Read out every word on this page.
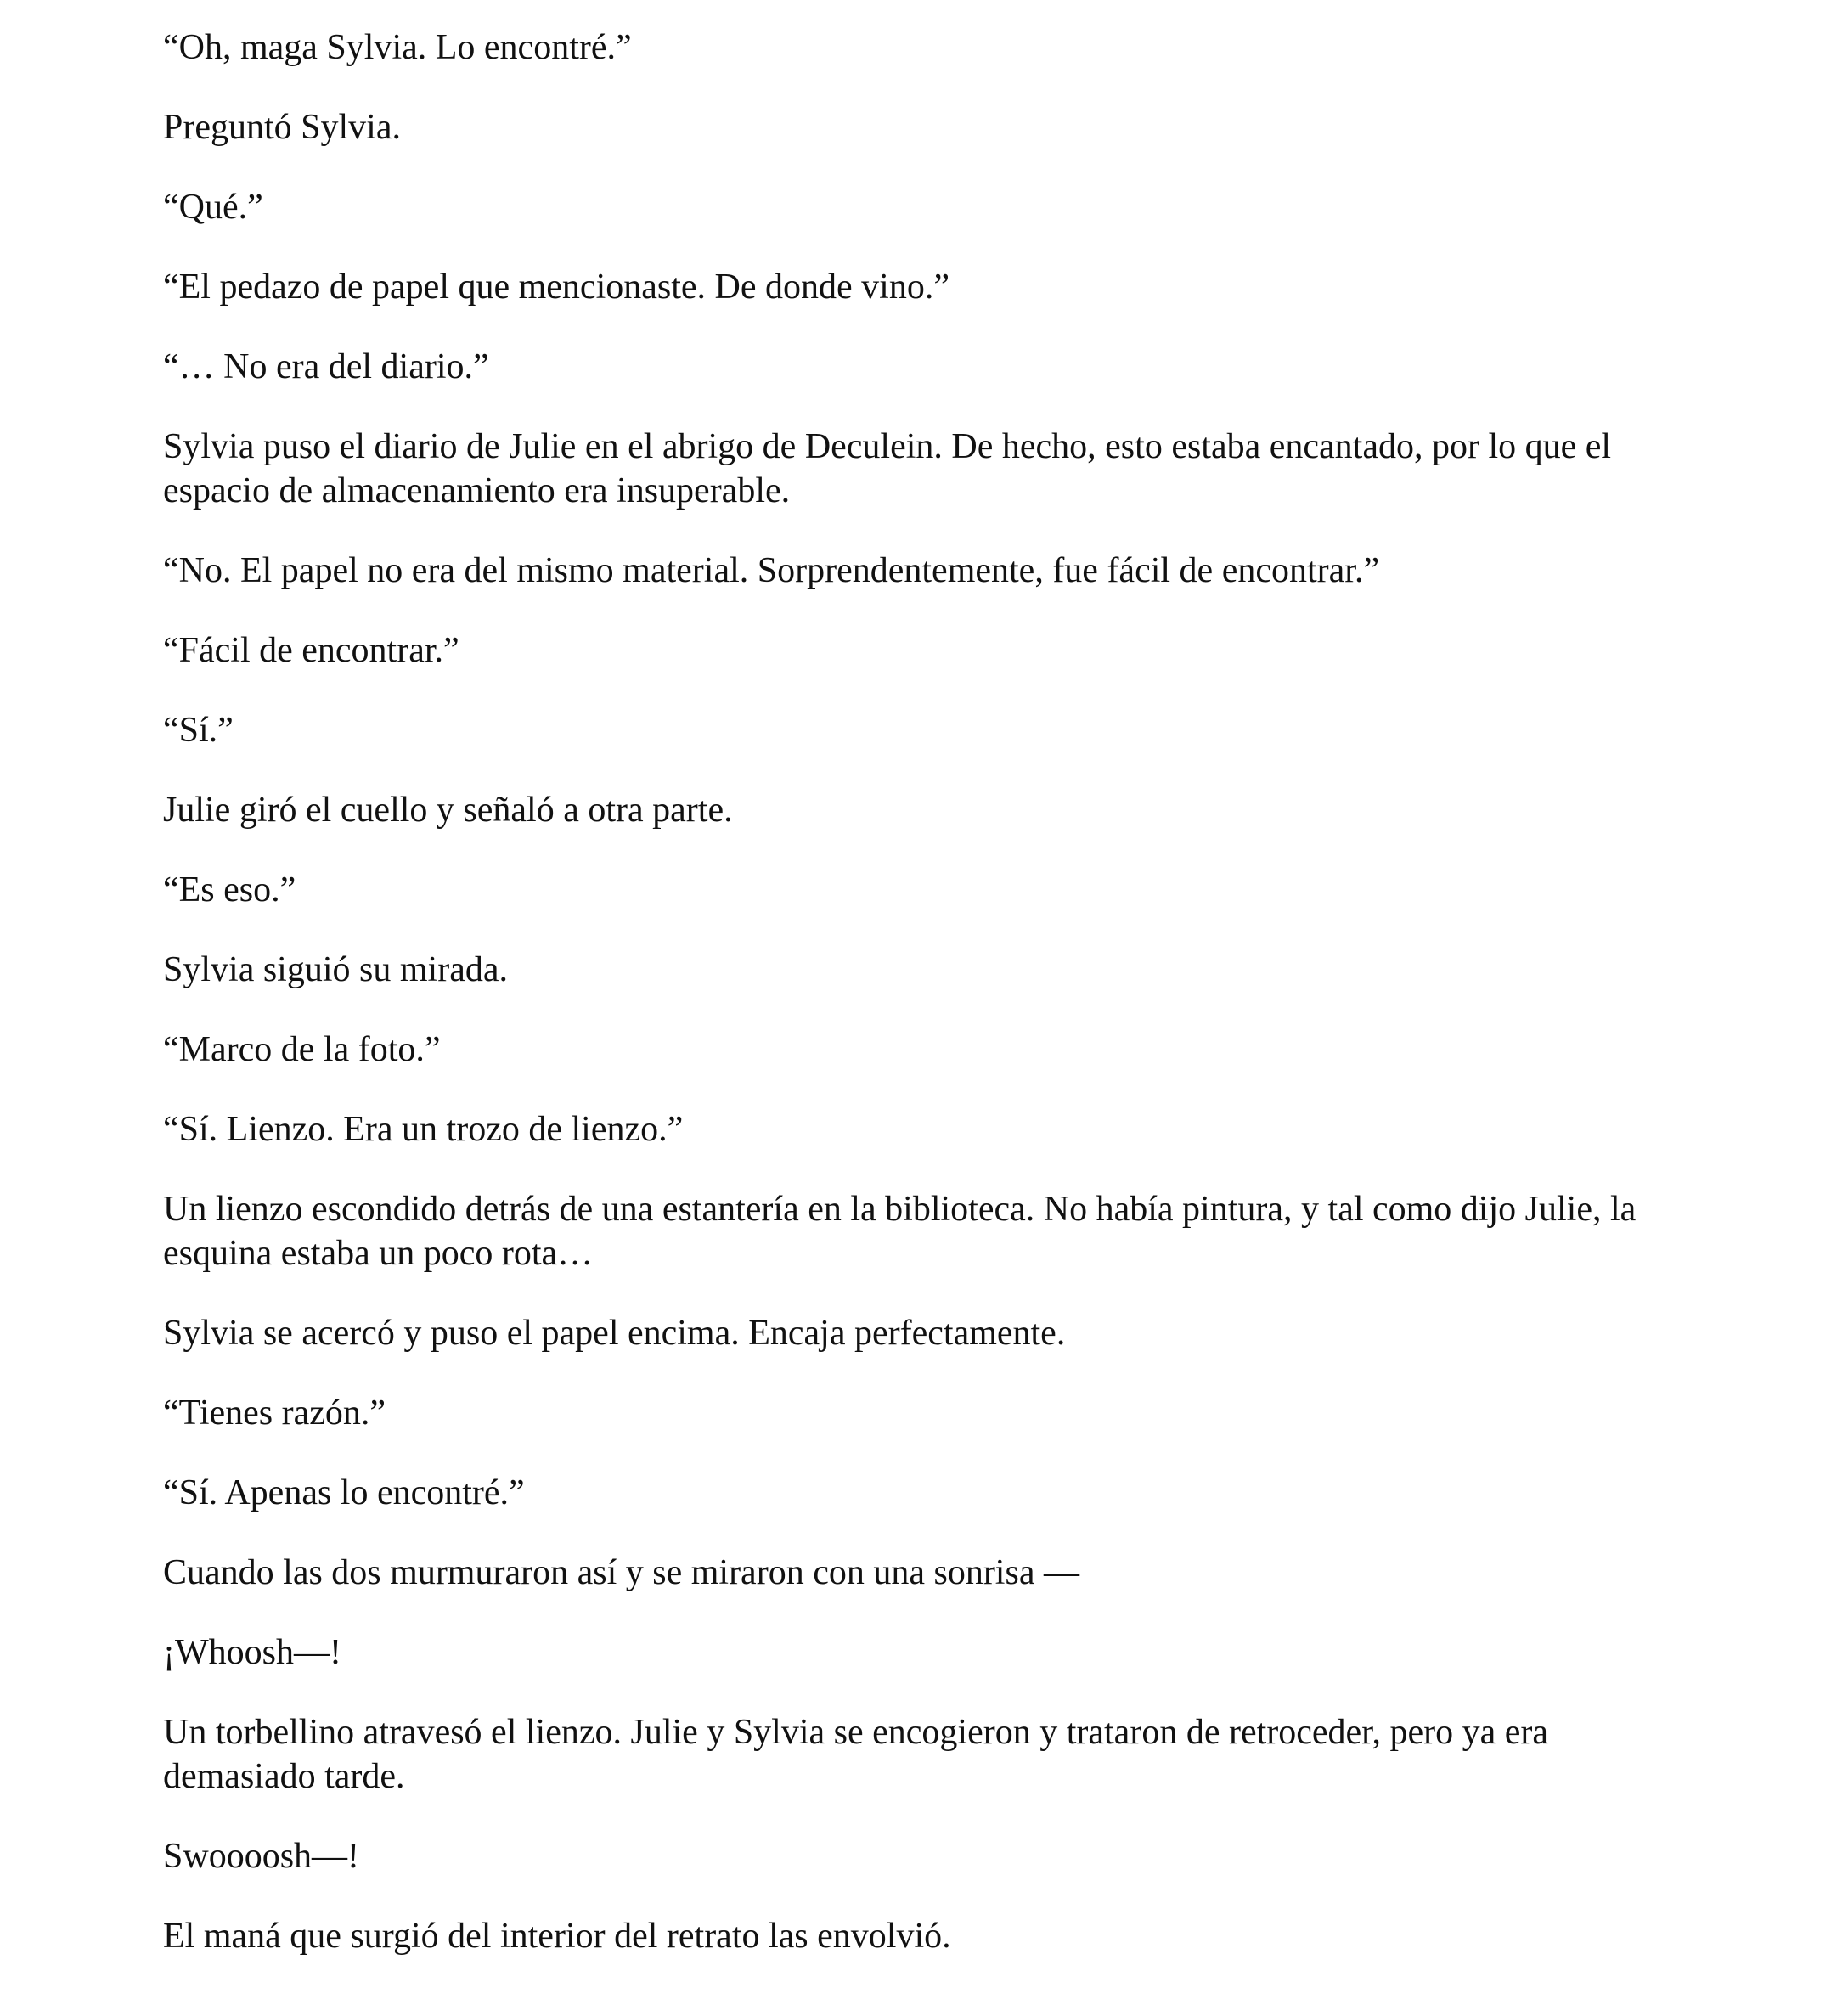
“Oh, maga Sylvia. Lo encontré.”

Preguntó Sylvia.

“Qué.”

“El pedazo de papel que mencionaste. De donde vino.”

“… No era del diario.”

Sylvia puso el diario de Julie en el abrigo de Deculein. De hecho, esto estaba encantado, por lo que el espacio de almacenamiento era insuperable.

“No. El papel no era del mismo material. Sorprendentemente, fue fácil de encontrar.”

“Fácil de encontrar.”

“Sí.”

Julie giró el cuello y señaló a otra parte.

“Es eso.”

Sylvia siguió su mirada.

“Marco de la foto.”

“Sí. Lienzo. Era un trozo de lienzo.”

Un lienzo escondido detrás de una estantería en la biblioteca. No había pintura, y tal como dijo Julie, la esquina estaba un poco rota…

Sylvia se acercó y puso el papel encima. Encaja perfectamente.

“Tienes razón.”

“Sí. Apenas lo encontré.”

Cuando las dos murmuraron así y se miraron con una sonrisa —

¡Whoosh—!

Un torbellino atravesó el lienzo. Julie y Sylvia se encogieron y trataron de retroceder, pero ya era demasiado tarde.

Swoooosh—!

El maná que surgió del interior del retrato las envolvió.
